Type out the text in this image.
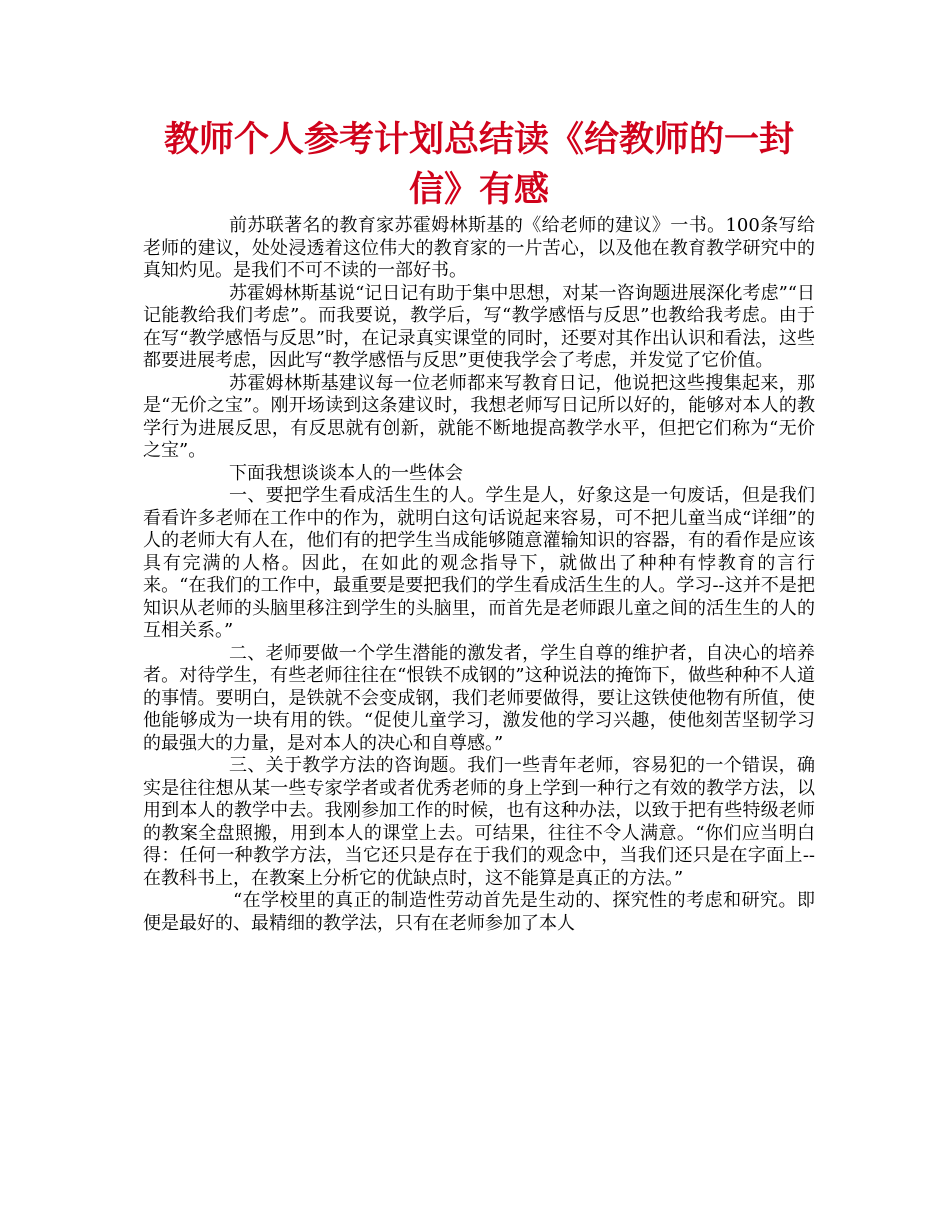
教师个人参考计划总结读《给教师的一封信》有感

前苏联著名的教育家苏霍姆林斯基的《给老师的建议》一书。100条写给老师的建议，处处浸透着这位伟大的教育家的一片苦心，以及他在教育教学研究中的真知灼见。是我们不可不读的一部好书。

苏霍姆林斯基说“记日记有助于集中思想，对某一咨询题进展深化考虑”“日记能教给我们考虑”。而我要说，教学后，写“教学感悟与反思”也教给我考虑。由于在写“教学感悟与反思”时，在记录真实课堂的同时，还要对其作出认识和看法，这些都要进展考虑，因此写“教学感悟与反思”更使我学会了考虑，并发觉了它价值。

苏霍姆林斯基建议每一位老师都来写教育日记，他说把这些搜集起来，那是“无价之宝”。刚开场读到这条建议时，我想老师写日记所以好的，能够对本人的教学行为进展反思，有反思就有创新，就能不断地提高教学水平，但把它们称为“无价之宝”。

下面我想谈谈本人的一些体会

一、要把学生看成活生生的人。学生是人，好象这是一句废话，但是我们看看许多老师在工作中的作为，就明白这句话说起来容易，可不把儿童当成“详细”的人的老师大有人在，他们有的把学生当成能够随意灌输知识的容器，有的看作是应该具有完满的人格。因此，在如此的观念指导下，就做出了种种有悖教育的言行来。“在我们的工作中，最重要是要把我们的学生看成活生生的人。学习--这并不是把知识从老师的头脑里移注到学生的头脑里，而首先是老师跟儿童之间的活生生的人的互相关系。”

二、老师要做一个学生潜能的激发者，学生自尊的维护者，自决心的培养者。对待学生，有些老师往往在“恨铁不成钢的”这种说法的掩饰下，做些种种不人道的事情。要明白，是铁就不会变成钢，我们老师要做得，要让这铁使他物有所值，使他能够成为一块有用的铁。“促使儿童学习，激发他的学习兴趣，使他刻苦坚韧学习的最强大的力量，是对本人的决心和自尊感。”

三、关于教学方法的咨询题。我们一些青年老师，容易犯的一个错误，确实是往往想从某一些专家学者或者优秀老师的身上学到一种行之有效的教学方法，以用到本人的教学中去。我刚参加工作的时候，也有这种办法，以致于把有些特级老师的教案全盘照搬，用到本人的课堂上去。可结果，往往不令人满意。“你们应当明白得：任何一种教学方法，当它还只是存在于我们的观念中，当我们还只是在字面上--在教科书上，在教案上分析它的优缺点时，这不能算是真正的方法。”

“在学校里的真正的制造性劳动首先是生动的、探究性的考虑和研究。即便是最好的、最精细的教学法，只有在老师参加了本人
